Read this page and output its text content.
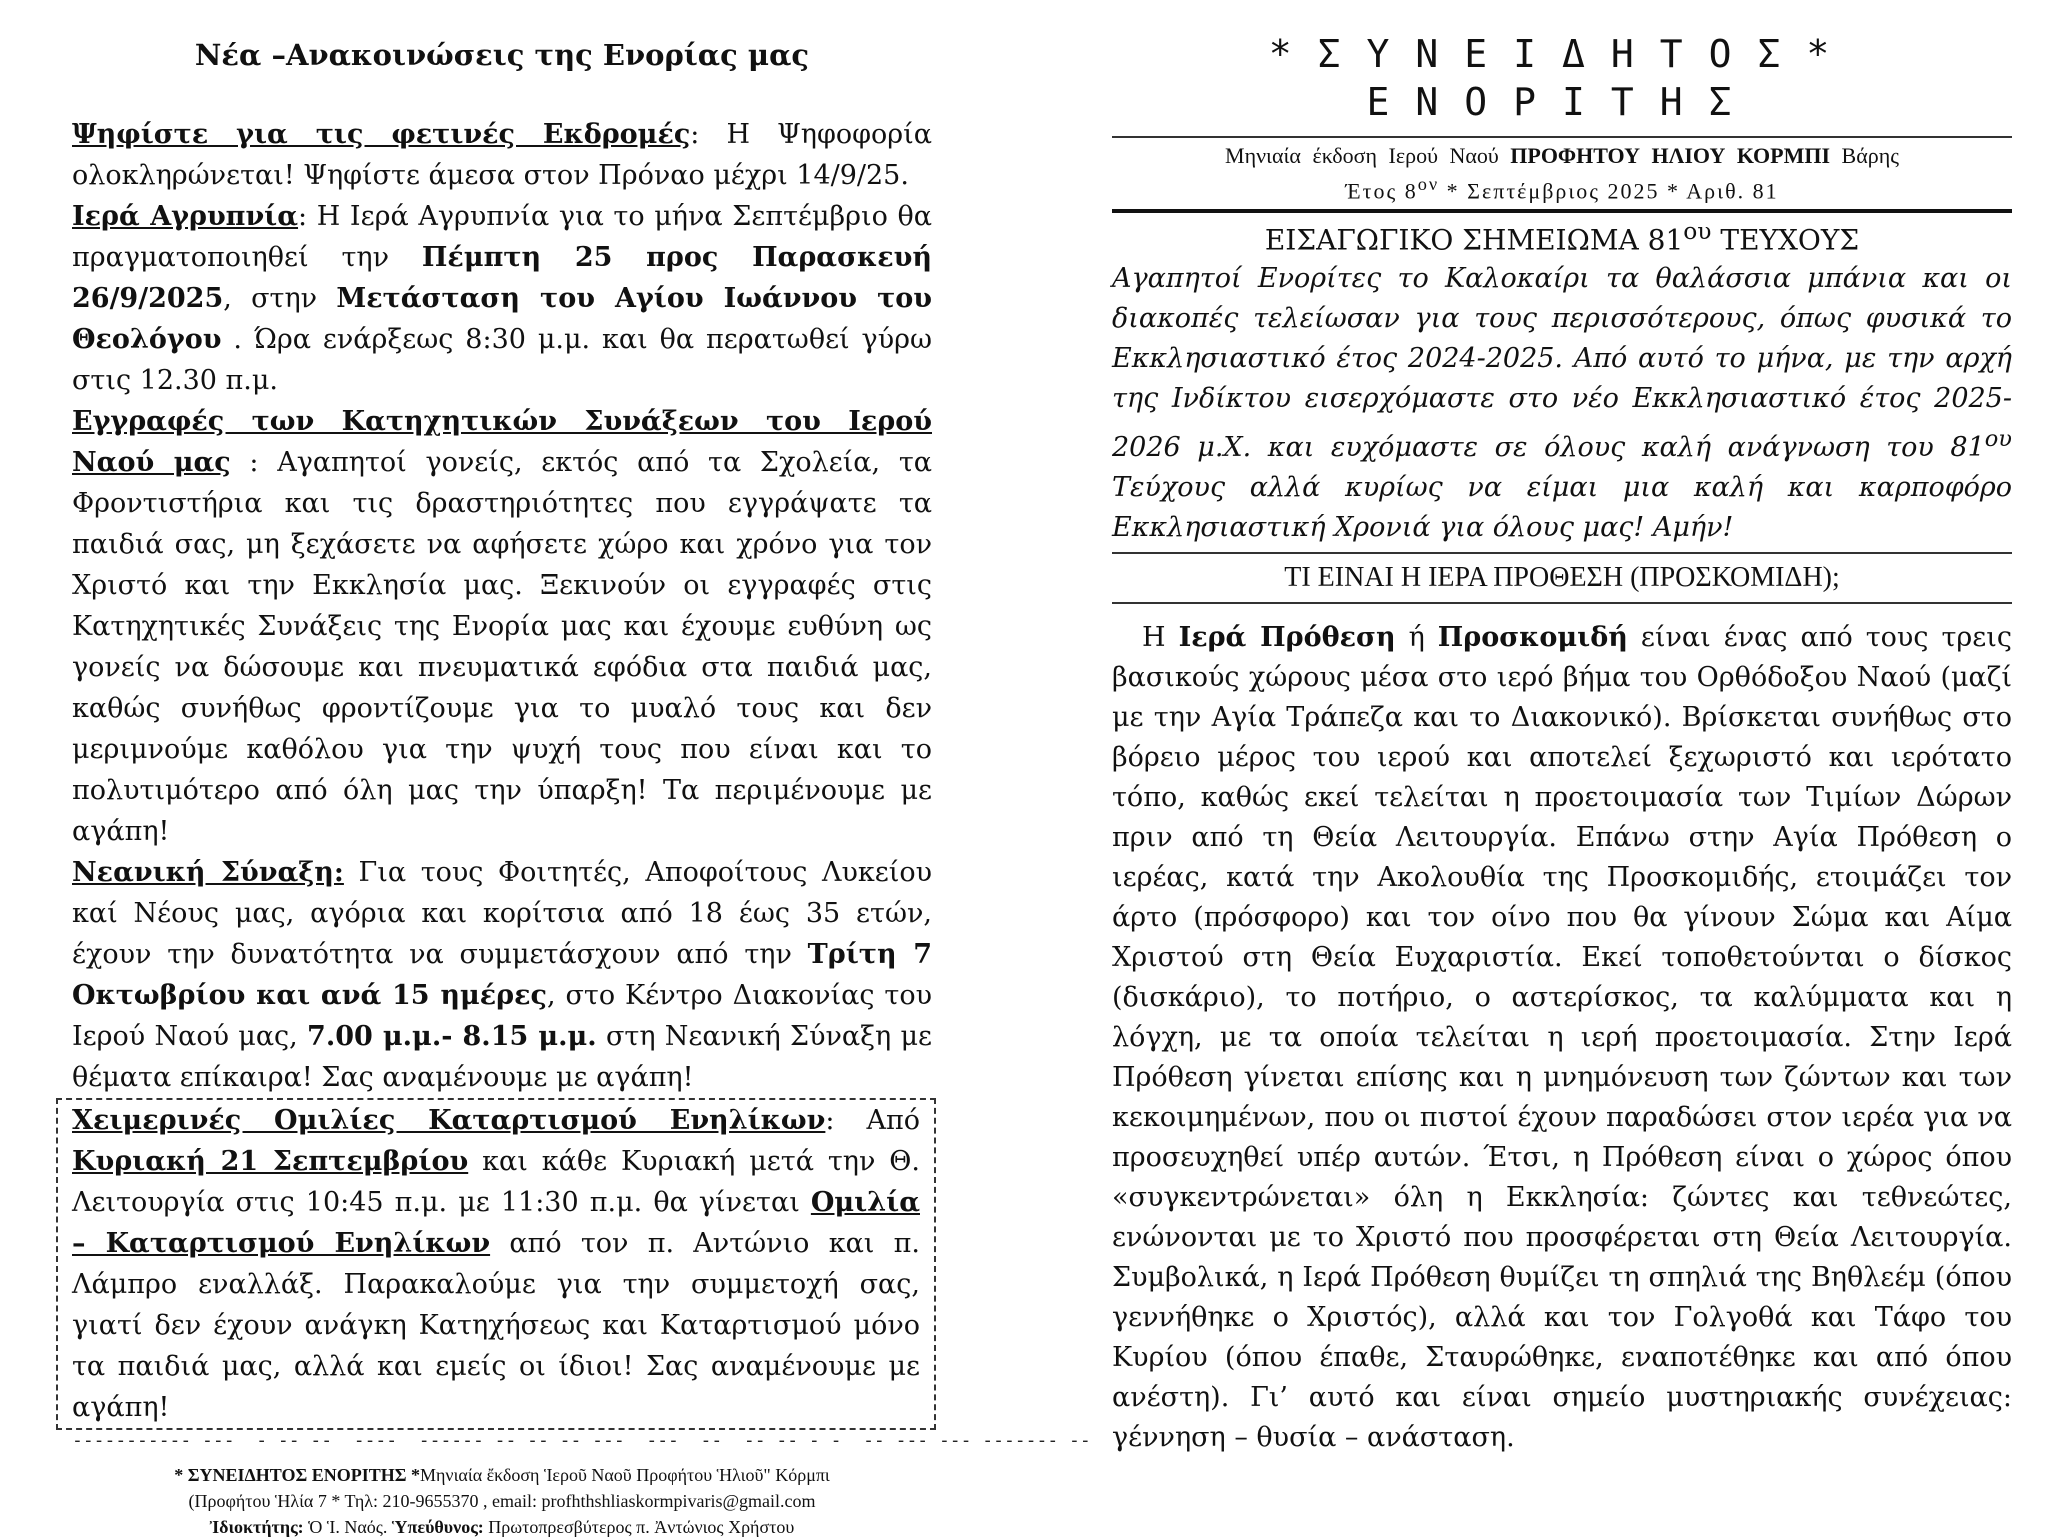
Νέα –Ανακοινώσεις της Ενορίας μας

Ψηφίστε για τις φετινές Εκδρομές: Η Ψηφοφορία ολοκληρώνεται! Ψηφίστε άμεσα στον Πρόναο μέχρι 14/9/25.

Ιερά Αγρυπνία: Η Ιερά Αγρυπνία για το μήνα Σεπτέμβριο θα πραγματοποιηθεί την Πέμπτη 25 προς Παρασκευή 26/9/2025, στην Μετάσταση του Αγίου Ιωάννου του Θεολόγου . Ώρα ενάρξεως 8:30 μ.μ. και θα περατωθεί γύρω στις 12.30 π.μ.

Εγγραφές των Κατηχητικών Συνάξεων του Ιερού Ναού μας : Αγαπητοί γονείς, εκτός από τα Σχολεία, τα Φροντιστήρια και τις δραστηριότητες που εγγράψατε τα παιδιά σας, μη ξεχάσετε να αφήσετε χώρο και χρόνο για τον Χριστό και την Εκκλησία μας. Ξεκινούν οι εγγραφές στις Κατηχητικές Συνάξεις της Ενορία μας και έχουμε ευθύνη ως γονείς να δώσουμε και πνευματικά εφόδια στα παιδιά μας, καθώς συνήθως φροντίζουμε για το μυαλό τους και δεν μεριμνούμε καθόλου για την ψυχή τους που είναι και το πολυτιμότερο από όλη μας την ύπαρξη! Τα περιμένουμε με αγάπη!

Νεανική Σύναξη: Για τους Φοιτητές, Αποφοίτους Λυκείου καί Νέους μας, αγόρια και κορίτσια από 18 έως 35 ετών, έχουν την δυνατότητα να συμμετάσχουν από την Τρίτη 7 Οκτωβρίου και ανά 15 ημέρες, στο Κέντρο Διακονίας του Ιερού Ναού μας, 7.00 μ.μ.- 8.15 μ.μ. στη Νεανική Σύναξη με θέματα επίκαιρα! Σας αναμένουμε με αγάπη!

Χειμερινές Ομιλίες Καταρτισμού Ενηλίκων: Από Κυριακή 21 Σεπτεμβρίου και κάθε Κυριακή μετά την Θ. Λειτουργία στις 10:45 π.μ. με 11:30 π.μ. θα γίνεται Ομιλία – Καταρτισμού Ενηλίκων από τον π. Αντώνιο και π. Λάμπρο εναλλάξ. Παρακαλούμε για την συμμετοχή σας, γιατί δεν έχουν ανάγκη Κατηχήσεως και Καταρτισμού μόνο τα παιδιά μας, αλλά και εμείς οι ίδιοι! Σας αναμένουμε με αγάπη!

----------- ---  - -- --  ----  ------ -- -- -- ---  ---  --  -- -- - -  -- --- --- ------- --
* ΣΥΝΕΙΔΗΤΟΣ ΕΝΟΡΙΤΗΣ *Μηνιαία ἔκδοση Ἱεροῦ Ναοῦ Προφήτου Ἡλιοῦ" Κόρμπι
(Προφήτου Ἡλία 7 * Τηλ: 210-9655370 , email: profhthshliaskormpivaris@gmail.com
Ἰδιοκτήτης: Ὁ Ἱ. Ναός. Ὑπεύθυνος: Πρωτοπρεσβύτερος π. Ἀντώνιος Χρήστου
*ΣΥΝΕΙΔΗΤΟΣ*
ΕΝΟΡΙΤΗΣ
Μηνιαία έκδοση Ιερού Ναού ΠΡΟΦΗΤΟΥ ΗΛΙΟΥ ΚΟΡΜΠΙ Βάρης
Έτος $8^{o\nu}$ * Σεπτέμβριος 2025 * Αριθ. 81
ΕΙΣΑΓΩΓΙΚΟ ΣΗΜΕΙΩΜΑ $81^{o\upsilon}$ ΤΕΥΧΟΥΣ

Αγαπητοί Ενορίτες το Καλοκαίρι τα θαλάσσια μπάνια και οι διακοπές τελείωσαν για τους περισσότερους, όπως φυσικά το Εκκλησιαστικό έτος 2024-2025. Από αυτό το μήνα, με την αρχή της Ινδίκτου εισερχόμαστε στο νέο Εκκλησιαστικό έτος 2025-2026 μ.Χ. και ευχόμαστε σε όλους καλή ανάγνωση του $81^{o\upsilon}$ Τεύχους αλλά κυρίως να είμαι μια καλή και καρποφόρο Εκκλησιαστική Χρονιά για όλους μας! Αμήν!

ΤΙ ΕΙΝΑΙ Η ΙΕΡΑ ΠΡΟΘΕΣΗ (ΠΡΟΣΚΟΜΙΔΗ);

Η Ιερά Πρόθεση ή Προσκομιδή είναι ένας από τους τρεις βασικούς χώρους μέσα στο ιερό βήμα του Ορθόδοξου Ναού (μαζί με την Αγία Τράπεζα και το Διακονικό). Βρίσκεται συνήθως στο βόρειο μέρος του ιερού και αποτελεί ξεχωριστό και ιερότατο τόπο, καθώς εκεί τελείται η προετοιμασία των Τιμίων Δώρων πριν από τη Θεία Λειτουργία. Επάνω στην Αγία Πρόθεση ο ιερέας, κατά την Ακολουθία της Προσκομιδής, ετοιμάζει τον άρτο (πρόσφορο) και τον οίνο που θα γίνουν Σώμα και Αίμα Χριστού στη Θεία Ευχαριστία. Εκεί τοποθετούνται ο δίσκος (δισκάριο), το ποτήριο, ο αστερίσκος, τα καλύμματα και η λόγχη, με τα οποία τελείται η ιερή προετοιμασία. Στην Ιερά Πρόθεση γίνεται επίσης και η μνημόνευση των ζώντων και των κεκοιμημένων, που οι πιστοί έχουν παραδώσει στον ιερέα για να προσευχηθεί υπέρ αυτών. Έτσι, η Πρόθεση είναι ο χώρος όπου «συγκεντρώνεται» όλη η Εκκλησία: ζώντες και τεθνεώτες, ενώνονται με το Χριστό που προσφέρεται στη Θεία Λειτουργία. Συμβολικά, η Ιερά Πρόθεση θυμίζει τη σπηλιά της Βηθλεέμ (όπου γεννήθηκε ο Χριστός), αλλά και τον Γολγοθά και Τάφο του Κυρίου (όπου έπαθε, Σταυρώθηκε, εναποτέθηκε και από όπου ανέστη). Γι’ αυτό και είναι σημείο μυστηριακής συνέχειας: γέννηση – θυσία – ανάσταση.
